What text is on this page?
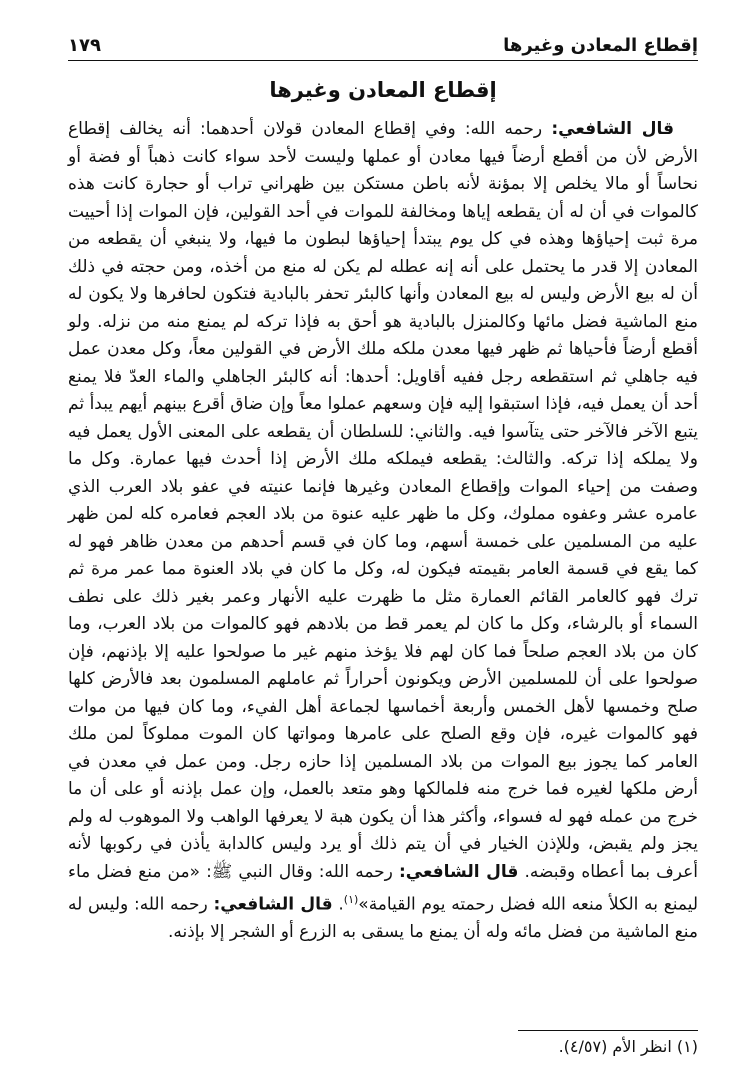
إقطاع المعادن وغيرها
١٧٩
إقطاع المعادن وغيرها

قال الشافعي: رحمه الله: وفي إقطاع المعادن قولان أحدهما: أنه يخالف إقطاع الأرض لأن من أقطع أرضاً فيها معادن أو عملها وليست لأحد سواء كانت ذهباً أو فضة أو نحاساً أو مالا يخلص إلا بمؤنة لأنه باطن مستكن بين ظهراني تراب أو حجارة كانت هذه كالموات في أن له أن يقطعه إياها ومخالفة للموات في أحد القولين، فإن الموات إذا أحييت مرة ثبت إحياؤها وهذه في كل يوم يبتدأ إحياؤها لبطون ما فيها، ولا ينبغي أن يقطعه من المعادن إلا قدر ما يحتمل على أنه إنه عطله لم يكن له منع من أخذه، ومن حجته في ذلك أن له بيع الأرض وليس له بيع المعادن وأنها كالبئر تحفر بالبادية فتكون لحافرها ولا يكون له منع الماشية فضل مائها وكالمنزل بالبادية هو أحق به فإذا تركه لم يمنع منه من نزله. ولو أقطع أرضاً فأحياها ثم ظهر فيها معدن ملكه ملك الأرض في القولين معاً، وكل معدن عمل فيه جاهلي ثم استقطعه رجل ففيه أقاويل: أحدها: أنه كالبئر الجاهلي والماء العدّ فلا يمنع أحد أن يعمل فيه، فإذا استبقوا إليه فإن وسعهم عملوا معاً وإن ضاق أقرع بينهم أيهم يبدأ ثم يتبع الآخر فالآخر حتى يتآسوا فيه. والثاني: للسلطان أن يقطعه على المعنى الأول يعمل فيه ولا يملكه إذا تركه. والثالث: يقطعه فيملكه ملك الأرض إذا أحدث فيها عمارة. وكل ما وصفت من إحياء الموات وإقطاع المعادن وغيرها فإنما عنيته في عفو بلاد العرب الذي عامره عشر وعفوه مملوك، وكل ما ظهر عليه عنوة من بلاد العجم فعامره كله لمن ظهر عليه من المسلمين على خمسة أسهم، وما كان في قسم أحدهم من معدن ظاهر فهو له كما يقع في قسمة العامر بقيمته فيكون له، وكل ما كان في بلاد العنوة مما عمر مرة ثم ترك فهو كالعامر القائم العمارة مثل ما ظهرت عليه الأنهار وعمر بغير ذلك على نطف السماء أو بالرشاء، وكل ما كان لم يعمر قط من بلادهم فهو كالموات من بلاد العرب، وما كان من بلاد العجم صلحاً فما كان لهم فلا يؤخذ منهم غير ما صولحوا عليه إلا بإذنهم، فإن صولحوا على أن للمسلمين الأرض ويكونون أحراراً ثم عاملهم المسلمون بعد فالأرض كلها صلح وخمسها لأهل الخمس وأربعة أخماسها لجماعة أهل الفيء، وما كان فيها من موات فهو كالموات غيره، فإن وقع الصلح على عامرها ومواتها كان الموت مملوكاً لمن ملك العامر كما يجوز بيع الموات من بلاد المسلمين إذا حازه رجل. ومن عمل في معدن في أرض ملكها لغيره فما خرج منه فلمالكها وهو متعد بالعمل، وإن عمل بإذنه أو على أن ما خرج من عمله فهو له فسواء، وأكثر هذا أن يكون هبة لا يعرفها الواهب ولا الموهوب له ولم يجز ولم يقبض، وللإذن الخيار في أن يتم ذلك أو يرد وليس كالدابة يأذن في ركوبها لأنه أعرف بما أعطاه وقبضه. قال الشافعي: رحمه الله: وقال النبي ﷺ: «من منع فضل ماء ليمنع به الكلأ منعه الله فضل رحمته يوم القيامة»$^{(١)}$. قال الشافعي: رحمه الله: وليس له منع الماشية من فضل مائه وله أن يمنع ما يسقى به الزرع أو الشجر إلا بإذنه.

(١) انظر الأم (٤/٥٧).
